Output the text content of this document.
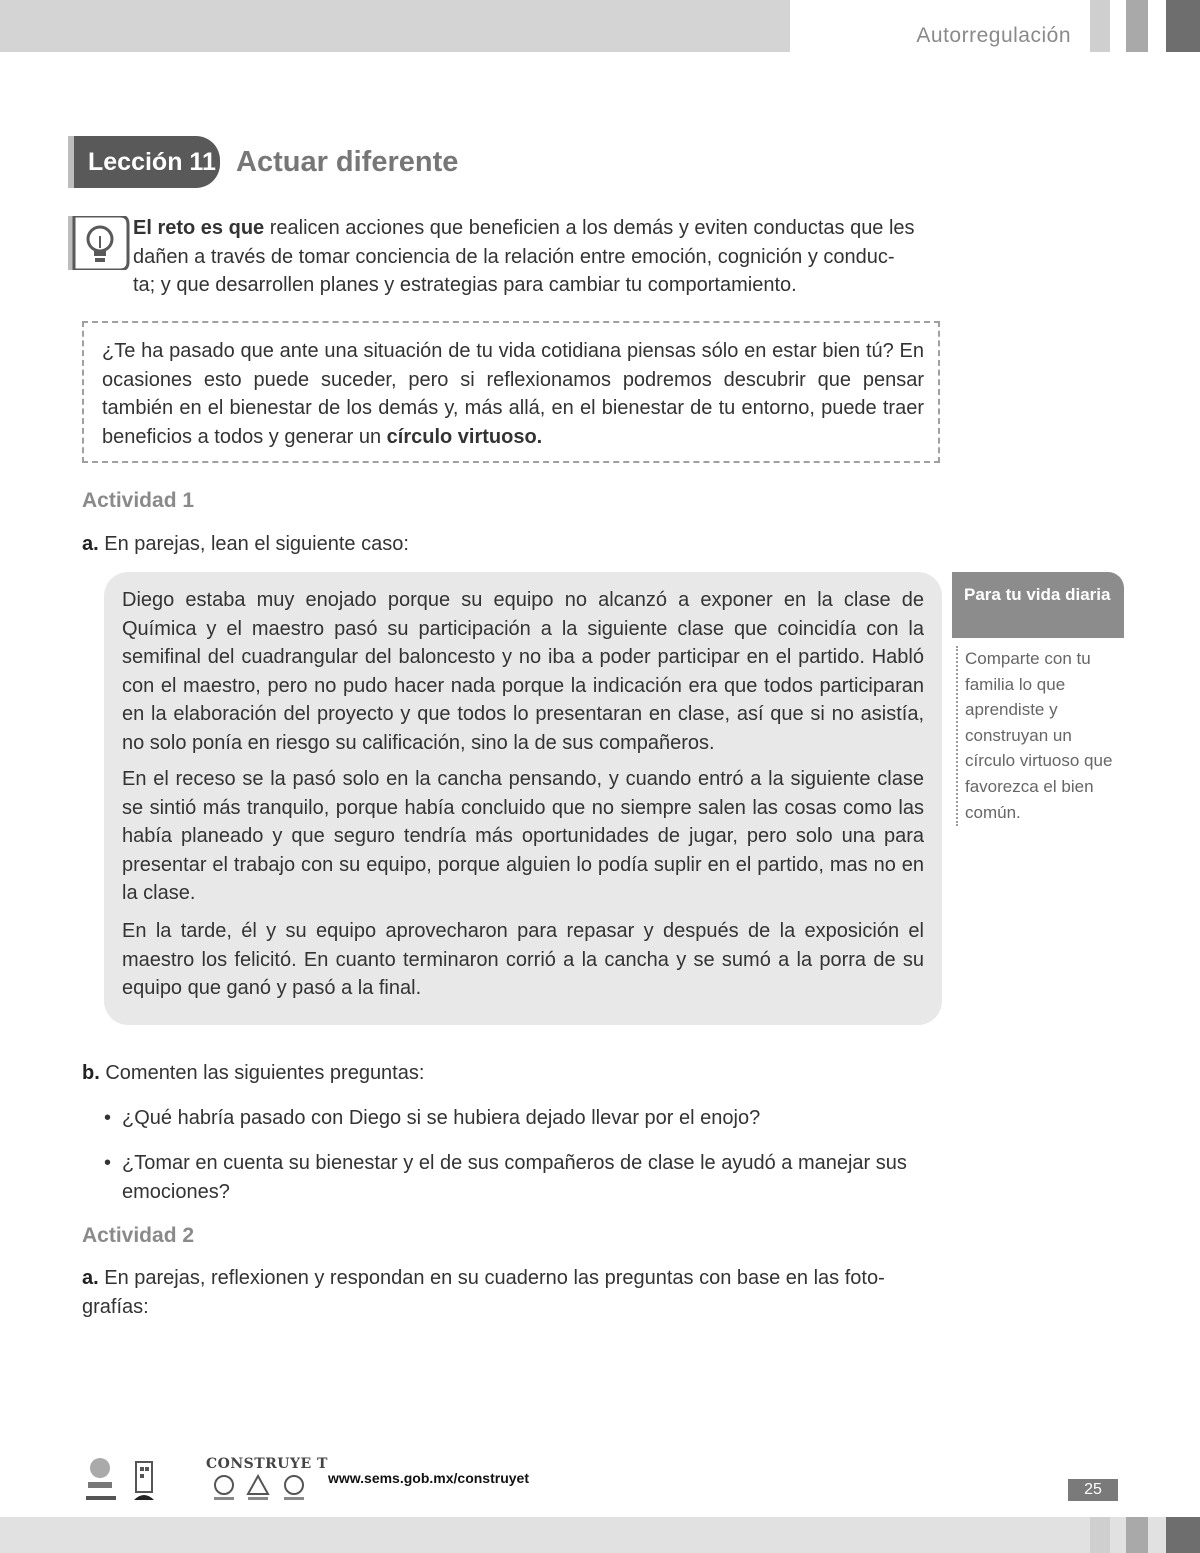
Autorregulación
Lección 11 Actuar diferente
El reto es que realicen acciones que beneficien a los demás y eviten conductas que les
dañen a través de tomar conciencia de la relación entre emoción, cognición y conduc-
ta; y que desarrollen planes y estrategias para cambiar tu comportamiento.

¿Te ha pasado que ante una situación de tu vida cotidiana piensas sólo en estar bien tú? En ocasiones esto puede suceder, pero si reflexionamos podremos descubrir que pensar también en el bienestar de los demás y, más allá, en el bienestar de tu entorno, puede traer beneficios a todos y generar un círculo virtuoso.

Actividad 1
a. En parejas, lean el siguiente caso:

Diego estaba muy enojado porque su equipo no alcanzó a exponer en la clase de Química y el maestro pasó su participación a la siguiente clase que coincidía con la semifinal del cuadrangular del baloncesto y no iba a poder participar en el partido. Habló con el maestro, pero no pudo hacer nada porque la indicación era que todos participaran en la elaboración del proyecto y que todos lo presentaran en clase, así que si no asistía, no solo ponía en riesgo su calificación, sino la de sus compañeros.

En el receso se la pasó solo en la cancha pensando, y cuando entró a la siguiente clase se sintió más tranquilo, porque había concluido que no siempre salen las cosas como las había planeado y que seguro tendría más oportunidades de jugar, pero solo una para presentar el trabajo con su equipo, porque alguien lo podía suplir en el partido, mas no en la clase.

En la tarde, él y su equipo aprovecharon para repasar y después de la exposición el maestro los felicitó. En cuanto terminaron corrió a la cancha y se sumó a la porra de su equipo que ganó y pasó a la final.

Para tu vida diaria
Comparte con tu familia lo que aprendiste y construyan un círculo virtuoso que favorezca el bien común.
b. Comenten las siguientes preguntas:
• ¿Qué habría pasado con Diego si se hubiera dejado llevar por el enojo?
• ¿Tomar en cuenta su bienestar y el de sus compañeros de clase le ayudó a manejar sus emociones?
Actividad 2
a. En parejas, reflexionen y respondan en su cuaderno las preguntas con base en las foto-grafías:
CONSTRUYE T
www.sems.gob.mx/construyet
25
